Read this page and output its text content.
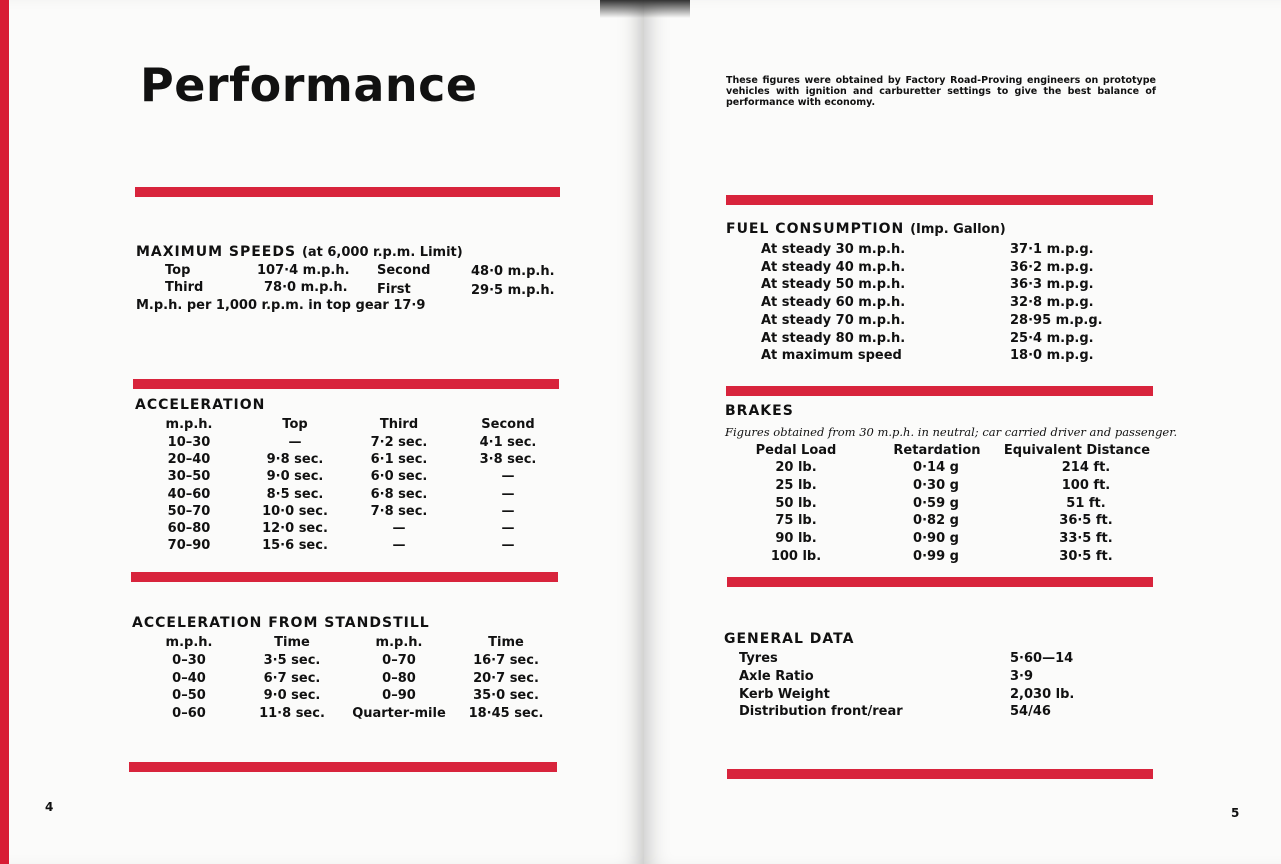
Performance
MAXIMUM SPEEDS (at 6,000 r.p.m. Limit)
Top	107·4 m.p.h. Second	48·0 m.p.h.
Third	78·0 m.p.h. First	29·5 m.p.h.
M.p.h. per 1,000 r.p.m. in top gear 17·9
ACCELERATION
m.p.h.	Top	Third	Second
10–30	—	7·2 sec.	4·1 sec.
20–40	9·8 sec.	6·1 sec.	3·8 sec.
30–50	9·0 sec.	6·0 sec.	—
40–60	8·5 sec.	6·8 sec.	—
50–70	10·0 sec.	7·8 sec.	—
60–80	12·0 sec.	—	—
70–90	15·6 sec.	—	—
ACCELERATION FROM STANDSTILL
m.p.h.	Time	m.p.h.	Time
0–30	3·5 sec.	0–70	16·7 sec.
0–40	6·7 sec.	0–80	20·7 sec.
0–50	9·0 sec.	0–90	35·0 sec.
0–60	11·8 sec.	Quarter-mile	18·45 sec.
4
These figures were obtained by Factory Road-Proving engineers on prototype vehicles with ignition and carburetter settings to give the best balance of performance with economy.
FUEL CONSUMPTION (Imp. Gallon)
At steady 30 m.p.h.	37·1 m.p.g.
At steady 40 m.p.h.	36·2 m.p.g.
At steady 50 m.p.h.	36·3 m.p.g.
At steady 60 m.p.h.	32·8 m.p.g.
At steady 70 m.p.h.	28·95 m.p.g.
At steady 80 m.p.h.	25·4 m.p.g.
At maximum speed	18·0 m.p.g.
BRAKES
Figures obtained from 30 m.p.h. in neutral; car carried driver and passenger.
Pedal Load	Retardation	Equivalent Distance
20 lb.	0·14 g	214 ft.
25 lb.	0·30 g	100 ft.
50 lb.	0·59 g	51 ft.
75 lb.	0·82 g	36·5 ft.
90 lb.	0·90 g	33·5 ft.
100 lb.	0·99 g	30·5 ft.
GENERAL DATA
Tyres	5·60—14
Axle Ratio	3·9
Kerb Weight	2,030 lb.
Distribution front/rear	54/46
5
